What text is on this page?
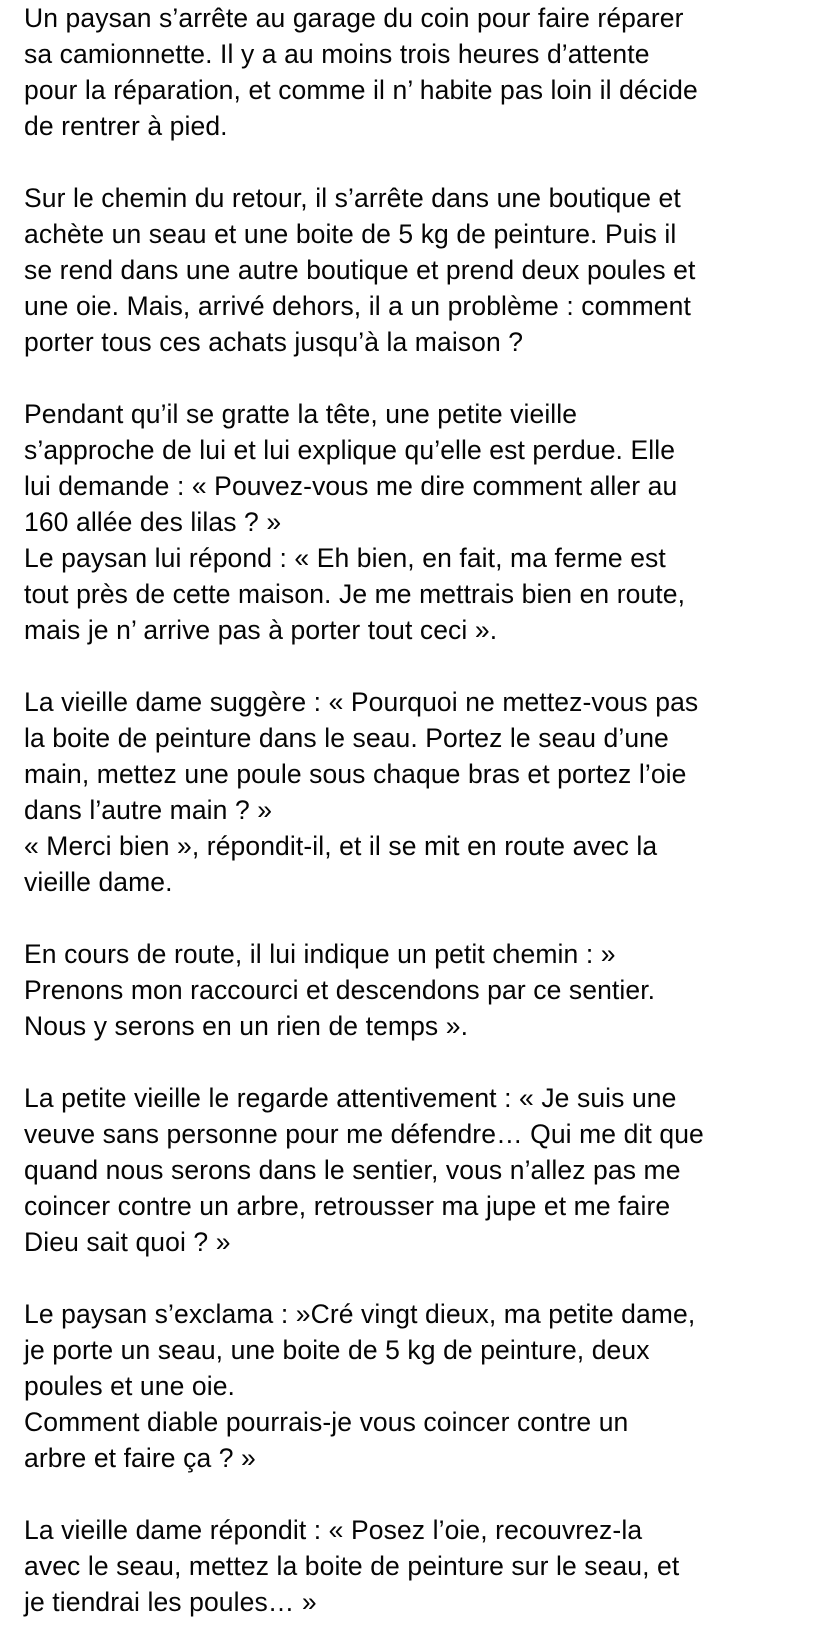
Un paysan s’arrête au garage du coin pour faire réparer
sa camionnette. Il y a au moins trois heures d’attente
pour la réparation, et comme il n’ habite pas loin il décide
de rentrer à pied.
Sur le chemin du retour, il s’arrête dans une boutique et
achète un seau et une boite de 5 kg de peinture. Puis il
se rend dans une autre boutique et prend deux poules et
une oie. Mais, arrivé dehors, il a un problème : comment
porter tous ces achats jusqu’à la maison ?
Pendant qu’il se gratte la tête, une petite vieille
s’approche de lui et lui explique qu’elle est perdue. Elle
lui demande : « Pouvez-vous me dire comment aller au
160 allée des lilas ? »
Le paysan lui répond : « Eh bien, en fait, ma ferme est
tout près de cette maison. Je me mettrais bien en route,
mais je n’ arrive pas à porter tout ceci ».
La vieille dame suggère : « Pourquoi ne mettez-vous pas
la boite de peinture dans le seau. Portez le seau d’une
main, mettez une poule sous chaque bras et portez l’oie
dans l’autre main ? »
« Merci bien », répondit-il, et il se mit en route avec la
vieille dame.
En cours de route, il lui indique un petit chemin : »
Prenons mon raccourci et descendons par ce sentier.
Nous y serons en un rien de temps ».
La petite vieille le regarde attentivement : « Je suis une
veuve sans personne pour me défendre… Qui me dit que
quand nous serons dans le sentier, vous n’allez pas me
coincer contre un arbre, retrousser ma jupe et me faire
Dieu sait quoi ? »
Le paysan s’exclama : »Cré vingt dieux, ma petite dame,
je porte un seau, une boite de 5 kg de peinture, deux
poules et une oie.
Comment diable pourrais-je vous coincer contre un
arbre et faire ça ? »
La vieille dame répondit : « Posez l’oie, recouvrez-la
avec le seau, mettez la boite de peinture sur le seau, et
je tiendrai les poules… »
